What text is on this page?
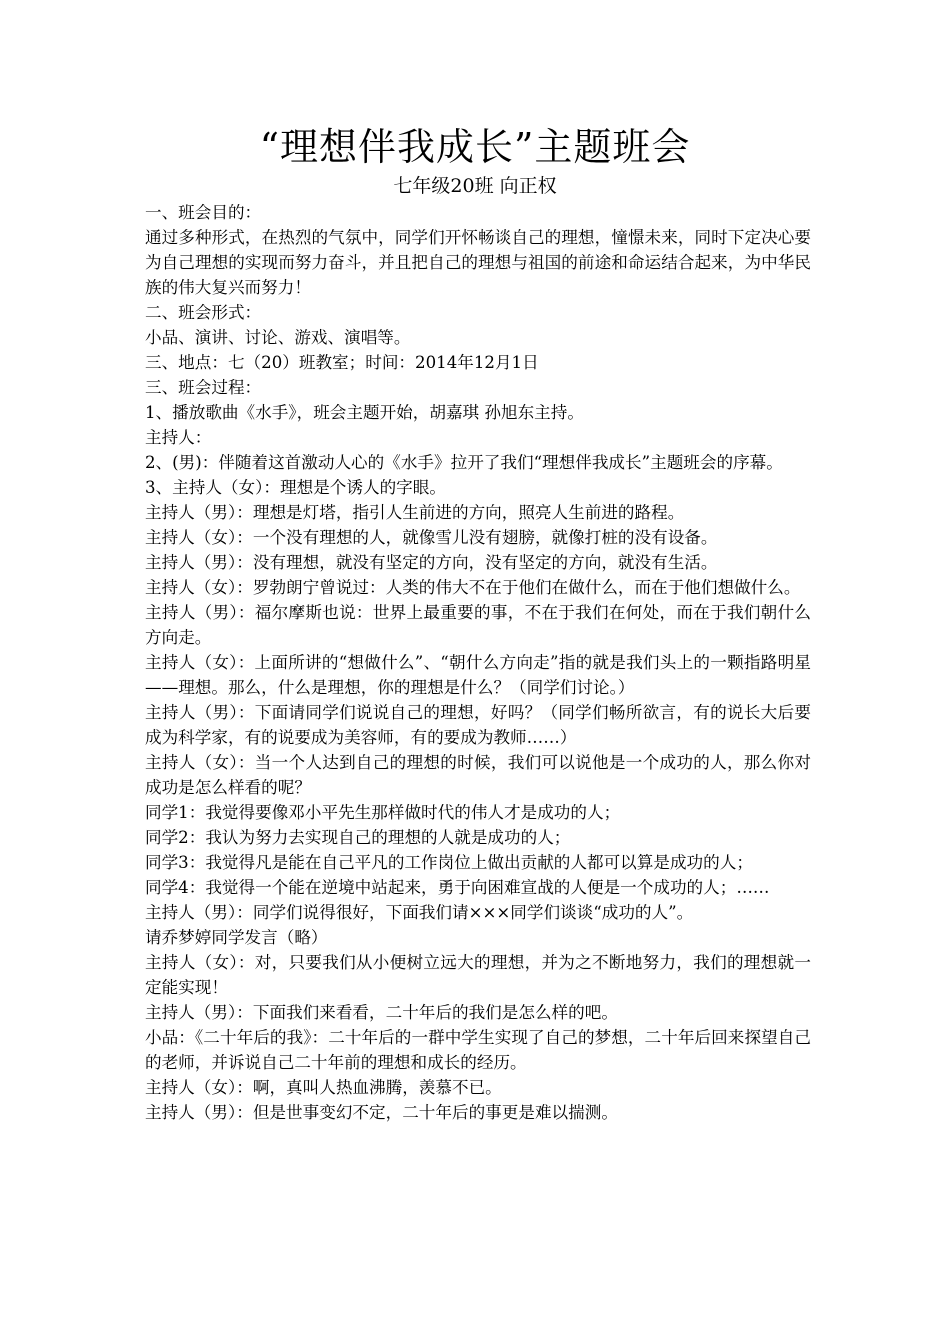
“理想伴我成长”主题班会
七年级20班 向正权

一、班会目的：

通过多种形式，在热烈的气氛中，同学们开怀畅谈自己的理想，憧憬未来，同时下定决心要为自己理想的实现而努力奋斗，并且把自己的理想与祖国的前途和命运结合起来，为中华民族的伟大复兴而努力！

二、班会形式：

小品、演讲、讨论、游戏、演唱等。

三、地点：七（20）班教室；时间：2014年12月1日

三、班会过程：

1、播放歌曲《水手》，班会主题开始，胡嘉琪 孙旭东主持。

主持人：

2、(男)：伴随着这首激动人心的《水手》拉开了我们“理想伴我成长”主题班会的序幕。

3、主持人（女）：理想是个诱人的字眼。

主持人（男）：理想是灯塔，指引人生前进的方向，照亮人生前进的路程。

主持人（女）：一个没有理想的人，就像雪儿没有翅膀，就像打桩的没有设备。

主持人（男）：没有理想，就没有坚定的方向，没有坚定的方向，就没有生活。

主持人（女）：罗勃朗宁曾说过：人类的伟大不在于他们在做什么，而在于他们想做什么。

主持人（男）：福尔摩斯也说：世界上最重要的事，不在于我们在何处，而在于我们朝什么方向走。

主持人（女）：上面所讲的“想做什么”、“朝什么方向走”指的就是我们头上的一颗指路明星——理想。那么，什么是理想，你的理想是什么？（同学们讨论。）

主持人（男）：下面请同学们说说自己的理想，好吗？（同学们畅所欲言，有的说长大后要成为科学家，有的说要成为美容师，有的要成为教师……）

主持人（女）：当一个人达到自己的理想的时候，我们可以说他是一个成功的人，那么你对成功是怎么样看的呢？

同学1：我觉得要像邓小平先生那样做时代的伟人才是成功的人；

同学2：我认为努力去实现自己的理想的人就是成功的人；

同学3：我觉得凡是能在自己平凡的工作岗位上做出贡献的人都可以算是成功的人；

同学4：我觉得一个能在逆境中站起来，勇于向困难宣战的人便是一个成功的人；……

主持人（男）：同学们说得很好，下面我们请×××同学们谈谈“成功的人”。

请乔梦婷同学发言（略）

主持人（女）：对，只要我们从小便树立远大的理想，并为之不断地努力，我们的理想就一定能实现！

主持人（男）：下面我们来看看，二十年后的我们是怎么样的吧。

小品：《二十年后的我》：二十年后的一群中学生实现了自己的梦想，二十年后回来探望自己的老师，并诉说自己二十年前的理想和成长的经历。

主持人（女）：啊，真叫人热血沸腾，羡慕不已。

主持人（男）：但是世事变幻不定，二十年后的事更是难以揣测。
